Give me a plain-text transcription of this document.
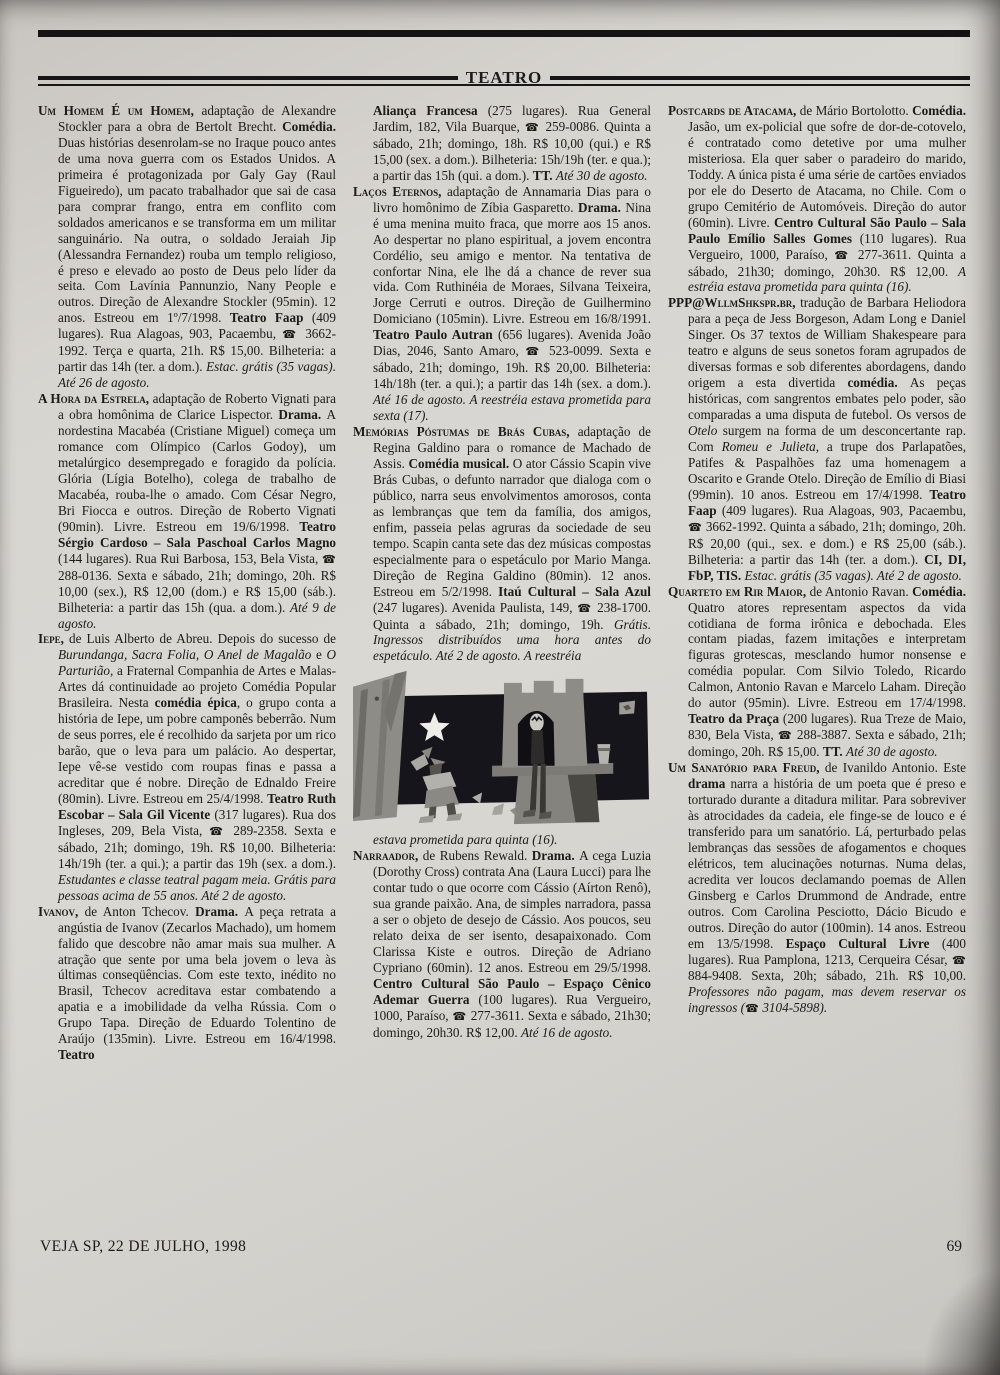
TEATRO

Um Homem É um Homem, adaptação de Alexandre Stockler para a obra de Bertolt Brecht. Comédia. Duas histórias desenrolam-se no Iraque pouco antes de uma nova guerra com os Estados Unidos. A primeira é protagonizada por Galy Gay (Raul Figueiredo), um pacato trabalhador que sai de casa para comprar frango, entra em conflito com soldados americanos e se transforma em um militar sanguinário. Na outra, o soldado Jeraiah Jip (Alessandra Fernandez) rouba um templo religioso, é preso e elevado ao posto de Deus pelo líder da seita. Com Lavínia Pannunzio, Nany People e outros. Direção de Alexandre Stockler (95min). 12 anos. Estreou em 1º/7/1998. Teatro Faap (409 lugares). Rua Alagoas, 903, Pacaembu, ☎ 3662-1992. Terça e quarta, 21h. R$ 15,00. Bilheteria: a partir das 14h (ter. a dom.). Estac. grátis (35 vagas). Até 26 de agosto.

A Hora da Estrela, adaptação de Roberto Vignati para a obra homônima de Clarice Lispector. Drama. A nordestina Macabéa (Cristiane Miguel) começa um romance com Olímpico (Carlos Godoy), um metalúrgico desempregado e foragido da polícia. Glória (Lígia Botelho), colega de trabalho de Macabéa, rouba-lhe o amado. Com César Negro, Bri Fiocca e outros. Direção de Roberto Vignati (90min). Livre. Estreou em 19/6/1998. Teatro Sérgio Cardoso – Sala Paschoal Carlos Magno (144 lugares). Rua Rui Barbosa, 153, Bela Vista, ☎ 288-0136. Sexta e sábado, 21h; domingo, 20h. R$ 10,00 (sex.), R$ 12,00 (dom.) e R$ 15,00 (sáb.). Bilheteria: a partir das 15h (qua. a dom.). Até 9 de agosto.

Iepe, de Luis Alberto de Abreu. Depois do sucesso de Burundanga, Sacra Folia, O Anel de Magalão e O Parturião, a Fraternal Companhia de Artes e Malas-Artes dá continuidade ao projeto Comédia Popular Brasileira. Nesta comédia épica, o grupo conta a história de Iepe, um pobre camponês beberrão. Num de seus porres, ele é recolhido da sarjeta por um rico barão, que o leva para um palácio. Ao despertar, Iepe vê-se vestido com roupas finas e passa a acreditar que é nobre. Direção de Ednaldo Freire (80min). Livre. Estreou em 25/4/1998. Teatro Ruth Escobar – Sala Gil Vicente (317 lugares). Rua dos Ingleses, 209, Bela Vista, ☎ 289-2358. Sexta e sábado, 21h; domingo, 19h. R$ 10,00. Bilheteria: 14h/19h (ter. a qui.); a partir das 19h (sex. a dom.). Estudantes e classe teatral pagam meia. Grátis para pessoas acima de 55 anos. Até 2 de agosto.

Ivanov, de Anton Tchecov. Drama. A peça retrata a angústia de Ivanov (Zecarlos Machado), um homem falido que descobre não amar mais sua mulher. A atração que sente por uma bela jovem o leva às últimas conseqüências. Com este texto, inédito no Brasil, Tchecov acreditava estar combatendo a apatia e a imobilidade da velha Rússia. Com o Grupo Tapa. Direção de Eduardo Tolentino de Araújo (135min). Livre. Estreou em 16/4/1998. Teatro

Aliança Francesa (275 lugares). Rua General Jardim, 182, Vila Buarque, ☎ 259-0086. Quinta a sábado, 21h; domingo, 18h. R$ 10,00 (qui.) e R$ 15,00 (sex. a dom.). Bilheteria: 15h/19h (ter. e qua.); a partir das 15h (qui. a dom.). TT. Até 30 de agosto.

Laços Eternos, adaptação de Annamaria Dias para o livro homônimo de Zíbia Gasparetto. Drama. Nina é uma menina muito fraca, que morre aos 15 anos. Ao despertar no plano espiritual, a jovem encontra Cordélio, seu amigo e mentor. Na tentativa de confortar Nina, ele lhe dá a chance de rever sua vida. Com Ruthinéia de Moraes, Silvana Teixeira, Jorge Cerruti e outros. Direção de Guilhermino Domiciano (105min). Livre. Estreou em 16/8/1991. Teatro Paulo Autran (656 lugares). Avenida João Dias, 2046, Santo Amaro, ☎ 523-0099. Sexta e sábado, 21h; domingo, 19h. R$ 20,00. Bilheteria: 14h/18h (ter. a qui.); a partir das 14h (sex. a dom.). Até 16 de agosto. A reestréia estava prometida para sexta (17).

Memórias Póstumas de Brás Cubas, adaptação de Regina Galdino para o romance de Machado de Assis. Comédia musical. O ator Cássio Scapin vive Brás Cubas, o defunto narrador que dialoga com o público, narra seus envolvimentos amorosos, conta as lembranças que tem da família, dos amigos, enfim, passeia pelas agruras da sociedade de seu tempo. Scapin canta sete das dez músicas compostas especialmente para o espetáculo por Mario Manga. Direção de Regina Galdino (80min). 12 anos. Estreou em 5/2/1998. Itaú Cultural – Sala Azul (247 lugares). Avenida Paulista, 149, ☎ 238-1700. Quinta a sábado, 21h; domingo, 19h. Grátis. Ingressos distribuídos uma hora antes do espetáculo. Até 2 de agosto. A reestréia

estava prometida para quinta (16).

Narraador, de Rubens Rewald. Drama. A cega Luzia (Dorothy Cross) contrata Ana (Laura Lucci) para lhe contar tudo o que ocorre com Cássio (Aírton Renô), sua grande paixão. Ana, de simples narradora, passa a ser o objeto de desejo de Cássio. Aos poucos, seu relato deixa de ser isento, desapaixonado. Com Clarissa Kiste e outros. Direção de Adriano Cypriano (60min). 12 anos. Estreou em 29/5/1998. Centro Cultural São Paulo – Espaço Cênico Ademar Guerra (100 lugares). Rua Vergueiro, 1000, Paraíso, ☎ 277-3611. Sexta e sábado, 21h30; domingo, 20h30. R$ 12,00. Até 16 de agosto.

Postcards de Atacama, de Mário Bortolotto. Comédia. Jasão, um ex-policial que sofre de dor-de-cotovelo, é contratado como detetive por uma mulher misteriosa. Ela quer saber o paradeiro do marido, Toddy. A única pista é uma série de cartões enviados por ele do Deserto de Atacama, no Chile. Com o grupo Cemitério de Automóveis. Direção do autor (60min). Livre. Centro Cultural São Paulo – Sala Paulo Emílio Salles Gomes (110 lugares). Rua Vergueiro, 1000, Paraíso, ☎ 277-3611. Quinta a sábado, 21h30; domingo, 20h30. R$ 12,00. A estréia estava prometida para quinta (16).

PPP@WllmShkspr.br, tradução de Barbara Heliodora para a peça de Jess Borgeson, Adam Long e Daniel Singer. Os 37 textos de William Shakespeare para teatro e alguns de seus sonetos foram agrupados de diversas formas e sob diferentes abordagens, dando origem a esta divertida comédia. As peças históricas, com sangrentos embates pelo poder, são comparadas a uma disputa de futebol. Os versos de Otelo surgem na forma de um desconcertante rap. Com Romeu e Julieta, a trupe dos Parlapatões, Patifes & Paspalhões faz uma homenagem a Oscarito e Grande Otelo. Direção de Emílio di Biasi (99min). 10 anos. Estreou em 17/4/1998. Teatro Faap (409 lugares). Rua Alagoas, 903, Pacaembu, ☎ 3662-1992. Quinta a sábado, 21h; domingo, 20h. R$ 20,00 (qui., sex. e dom.) e R$ 25,00 (sáb.). Bilheteria: a partir das 14h (ter. a dom.). CI, DI, FbP, TIS. Estac. grátis (35 vagas). Até 2 de agosto.

Quarteto em Rir Maior, de Antonio Ravan. Comédia. Quatro atores representam aspectos da vida cotidiana de forma irônica e debochada. Eles contam piadas, fazem imitações e interpretam figuras grotescas, mesclando humor nonsense e comédia popular. Com Silvio Toledo, Ricardo Calmon, Antonio Ravan e Marcelo Laham. Direção do autor (95min). Livre. Estreou em 17/4/1998. Teatro da Praça (200 lugares). Rua Treze de Maio, 830, Bela Vista, ☎ 288-3887. Sexta e sábado, 21h; domingo, 20h. R$ 15,00. TT. Até 30 de agosto.

Um Sanatório para Freud, de Ivanildo Antonio. Este drama narra a história de um poeta que é preso e torturado durante a ditadura militar. Para sobreviver às atrocidades da cadeia, ele finge-se de louco e é transferido para um sanatório. Lá, perturbado pelas lembranças das sessões de afogamentos e choques elétricos, tem alucinações noturnas. Numa delas, acredita ver loucos declamando poemas de Allen Ginsberg e Carlos Drummond de Andrade, entre outros. Com Carolina Pesciotto, Dácio Bicudo e outros. Direção do autor (100min). 14 anos. Estreou em 13/5/1998. Espaço Cultural Livre (400 lugares). Rua Pamplona, 1213, Cerqueira César, ☎ 884-9408. Sexta, 20h; sábado, 21h. R$ 10,00. Professores não pagam, mas devem reservar os ingressos (☎ 3104-5898).

VEJA SP, 22 DE JULHO, 1998	69
